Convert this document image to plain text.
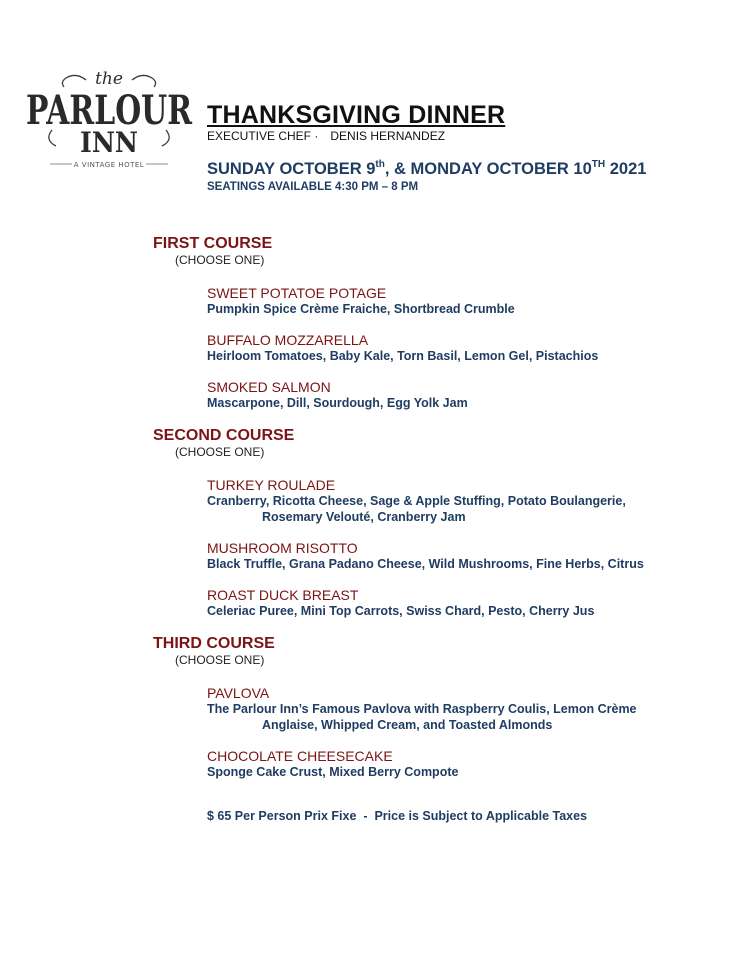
the
PARLOUR
INN
A VINTAGE HOTEL
THANKSGIVING DINNER
EXECUTIVE CHEF · DENIS HERNANDEZ
SUNDAY OCTOBER 9th, & MONDAY OCTOBER 10TH 2021
SEATINGS AVAILABLE 4:30 PM – 8 PM
FIRST COURSE
(CHOOSE ONE)
SWEET POTATOE POTAGE
Pumpkin Spice Crème Fraiche, Shortbread Crumble
BUFFALO MOZZARELLA
Heirloom Tomatoes, Baby Kale, Torn Basil, Lemon Gel, Pistachios
SMOKED SALMON
Mascarpone, Dill, Sourdough, Egg Yolk Jam
SECOND COURSE
(CHOOSE ONE)
TURKEY ROULADE
Cranberry, Ricotta Cheese, Sage & Apple Stuffing, Potato Boulangerie,
Rosemary Velouté, Cranberry Jam
MUSHROOM RISOTTO
Black Truffle, Grana Padano Cheese, Wild Mushrooms, Fine Herbs, Citrus
ROAST DUCK BREAST
Celeriac Puree, Mini Top Carrots, Swiss Chard, Pesto, Cherry Jus
THIRD COURSE
(CHOOSE ONE)
PAVLOVA
The Parlour Inn’s Famous Pavlova with Raspberry Coulis, Lemon Crème
Anglaise, Whipped Cream, and Toasted Almonds
CHOCOLATE CHEESECAKE
Sponge Cake Crust, Mixed Berry Compote
$ 65 Per Person Prix Fixe  -  Price is Subject to Applicable Taxes
